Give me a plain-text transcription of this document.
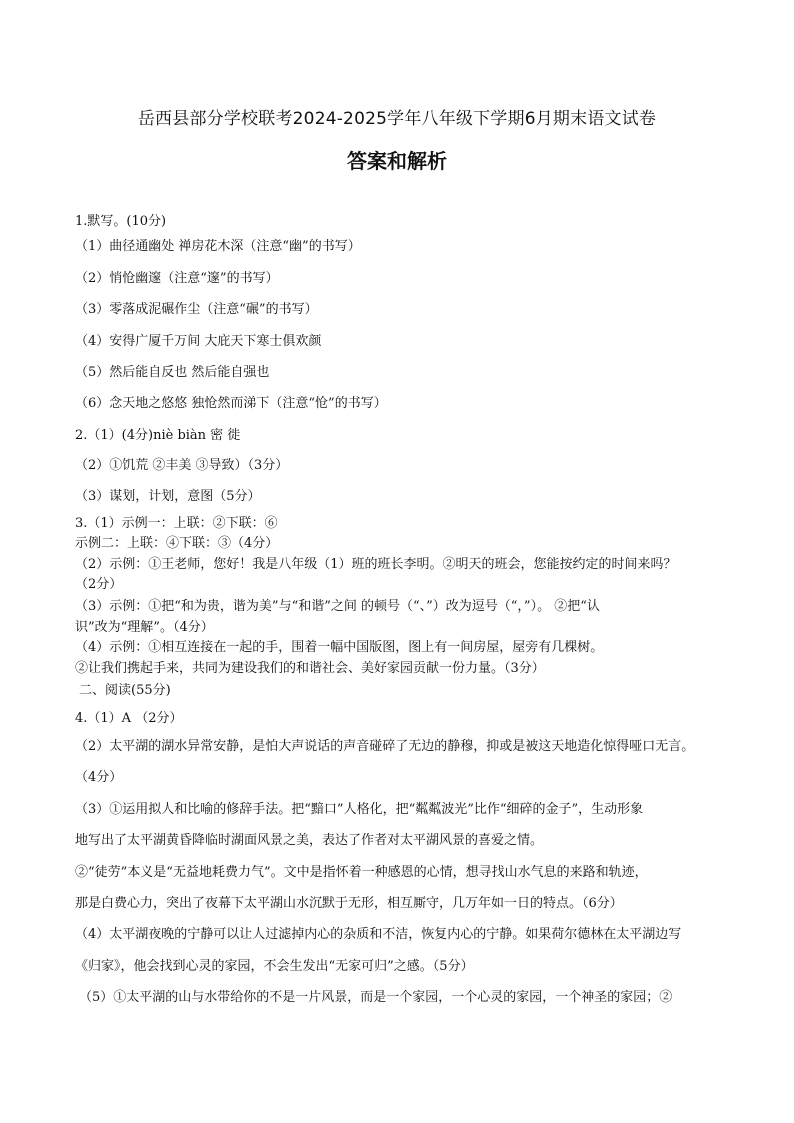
岳西县部分学校联考2024-2025学年八年级下学期6月期末语文试卷
答案和解析
1.默写。(10分)
（1）曲径通幽处 禅房花木深（注意“幽”的书写）
（2）悄怆幽邃（注意“邃”的书写）
（3）零落成泥碾作尘（注意“碾”的书写）
（4）安得广厦千万间 大庇天下寒士俱欢颜
（5）然后能自反也 然后能自强也
（6）念天地之悠悠 独怆然而涕下（注意“怆”的书写）
2.（1）(4分)niè biàn 密 徙
（2）①饥荒 ②丰美 ③导致）（3分）
（3）谋划，计划，意图（5分）
3.（1）示例一：上联：②下联：⑥
示例二：上联：④下联：③（4分）
（2）示例：①王老师，您好！我是八年级（1）班的班长李明。②明天的班会，您能按约定的时间来吗？
（2分）
（3）示例：①把“和为贵，谐为美”与“和谐”之间 的顿号（“、”）改为逗号（“，”）。 ②把“认
识”改为“理解”。（4分）
（4）示例：①相互连接在一起的手，围着一幅中国版图，图上有一间房屋，屋旁有几棵树。
②让我们携起手来，共同为建设我们的和谐社会、美好家园贡献一份力量。（3分）
二、阅读(55分)
4.（1）A （2分）
（2）太平湖的湖水异常安静，是怕大声说话的声音碰碎了无边的静穆，抑或是被这天地造化惊得哑口无言。
（4分）
（3）①运用拟人和比喻的修辞手法。把“黯口”人格化，把“粼粼波光”比作“细碎的金子”，生动形象
地写出了太平湖黄昏降临时湖面风景之美，表达了作者对太平湖风景的喜爱之情。
②“徒劳”本义是“无益地耗费力气”。文中是指怀着一种感恩的心情，想寻找山水气息的来路和轨迹，
那是白费心力，突出了夜幕下太平湖山水沉默于无形，相互厮守，几万年如一日的特点。（6分）
（4）太平湖夜晚的宁静可以让人过滤掉内心的杂质和不洁，恢复内心的宁静。如果荷尔德林在太平湖边写
《归家》，他会找到心灵的家园，不会生发出“无家可归”之感。（5分）
（5）①太平湖的山与水带给你的不是一片风景，而是一个家园，一个心灵的家园，一个神圣的家园；②
